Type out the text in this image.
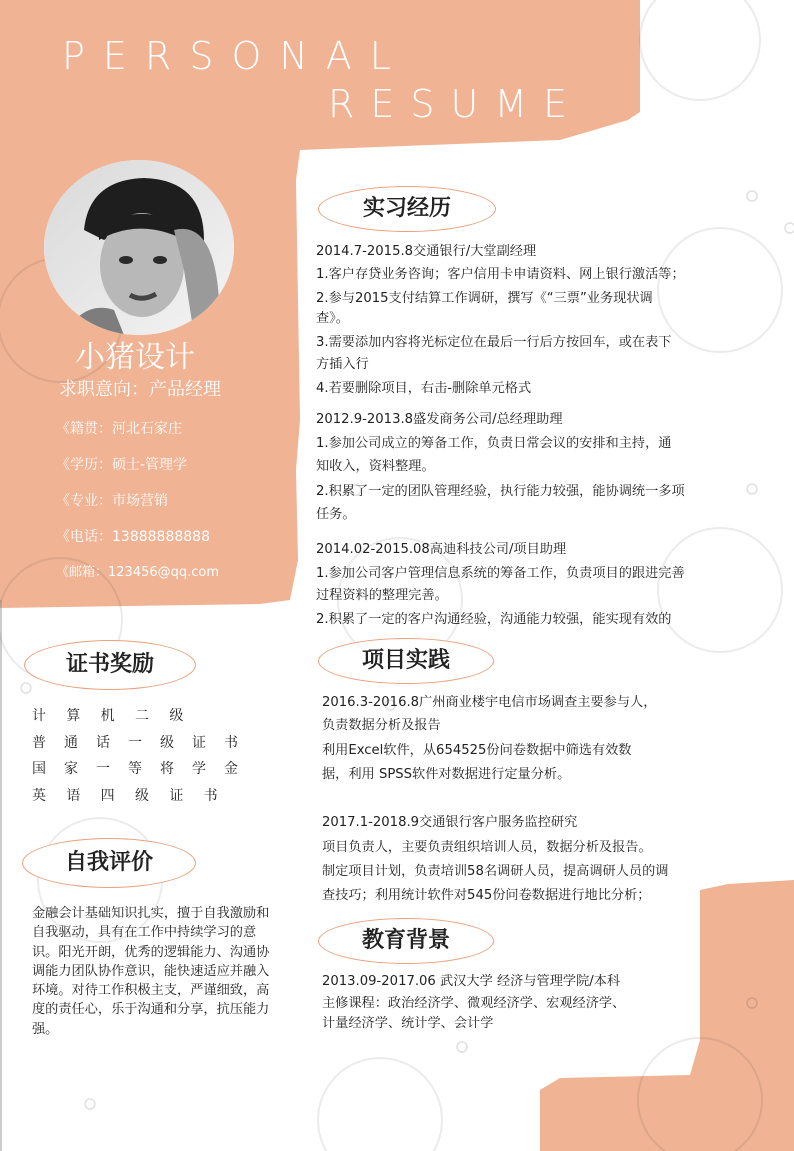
PERSONAL
RESUME
小猪设计
求职意向：产品经理
《籍贯：河北石家庄
《学历：硕士-管理学
《专业：市场营销
《电话：13888888888
《邮箱：123456@qq.com
证书奖励
计 算 机 二 级
普 通 话 一 级 证 书
国 家 一 等 将 学 金
英 语 四 级 证 书
自我评价
金融会计基础知识扎实，擅于自我激励和自我驱动，具有在工作中持续学习的意识。阳光开朗，优秀的逻辑能力、沟通协调能力团队协作意识，能快速适应并融入环境。对待工作积极主支，严谨细致，高度的责任心，乐于沟通和分享，抗压能力强。
实习经历
2014.7-2015.8交通银行/大堂副经理
1.客户存贷业务咨询；客户信用卡申请资料、网上银行激活等；
2.参与2015支付结算工作调研，撰写《“三票”业务现状调
查》。
3.需要添加内容将光标定位在最后一行后方按回车，或在表下
方插入行
4.若要删除项目，右击-删除单元格式
2012.9-2013.8盛发商务公司/总经理助理
1.参加公司成立的筹备工作，负责日常会议的安排和主持，通
知收入，资料整理。
2.积累了一定的团队管理经验，执行能力较强，能协调统一多项
任务。
2014.02-2015.08高迪科技公司/项目助理
1.参加公司客户管理信息系统的筹备工作，负责项目的跟进完善
过程资料的整理完善。
2.积累了一定的客户沟通经验，沟通能力较强，能实现有效的
项目实践
2016.3-2016.8广州商业楼宇电信市场调查主要参与人，
负责数据分析及报告
利用Excel软件，从654525份问卷数据中筛选有效数
据，利用 SPSS软件对数据进行定量分析。
2017.1-2018.9交通银行客户服务监控研究
项目负责人，主要负责组织培训人员，数据分析及报告。
制定项目计划，负责培训58名调研人员，提高调研人员的调
查技巧；利用统计软件对545份问卷数据进行地比分析；
教育背景
2013.09-2017.06 武汉大学 经济与管理学院/本科
主修课程：政治经济学、微观经济学、宏观经济学、
计量经济学、统计学、会计学
